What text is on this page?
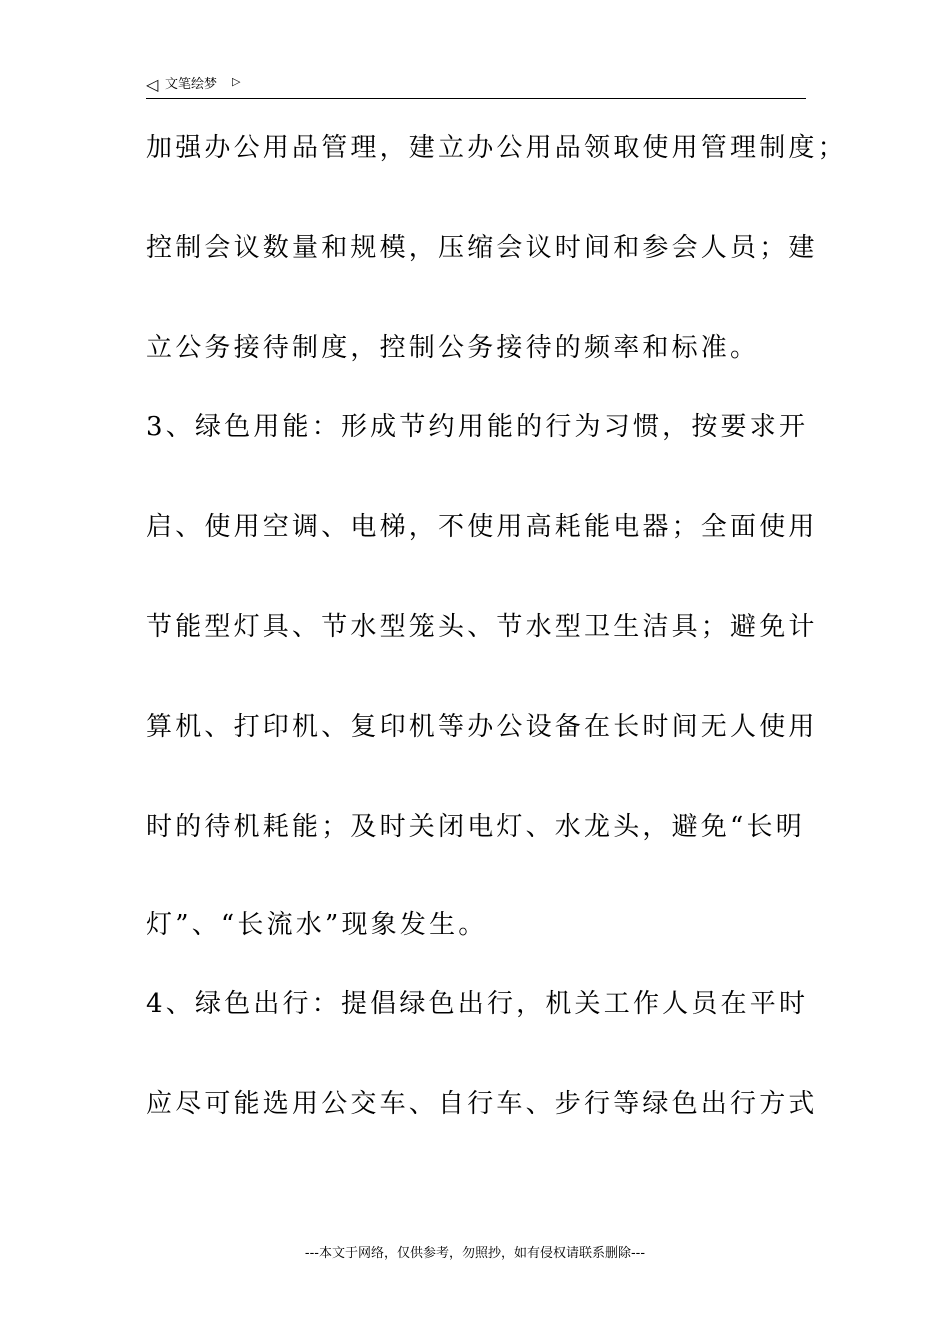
◁ 文笔绘梦 ▷
加强办公用品管理，建立办公用品领取使用管理制度；
控制会议数量和规模，压缩会议时间和参会人员；建
立公务接待制度，控制公务接待的频率和标准。
3、绿色用能：形成节约用能的行为习惯，按要求开
启、使用空调、电梯，不使用高耗能电器；全面使用
节能型灯具、节水型笼头、节水型卫生洁具；避免计
算机、打印机、复印机等办公设备在长时间无人使用
时的待机耗能；及时关闭电灯、水龙头，避免“长明
灯”、“长流水”现象发生。
4、绿色出行：提倡绿色出行，机关工作人员在平时
应尽可能选用公交车、自行车、步行等绿色出行方式
---本文于网络，仅供参考，勿照抄，如有侵权请联系删除---
